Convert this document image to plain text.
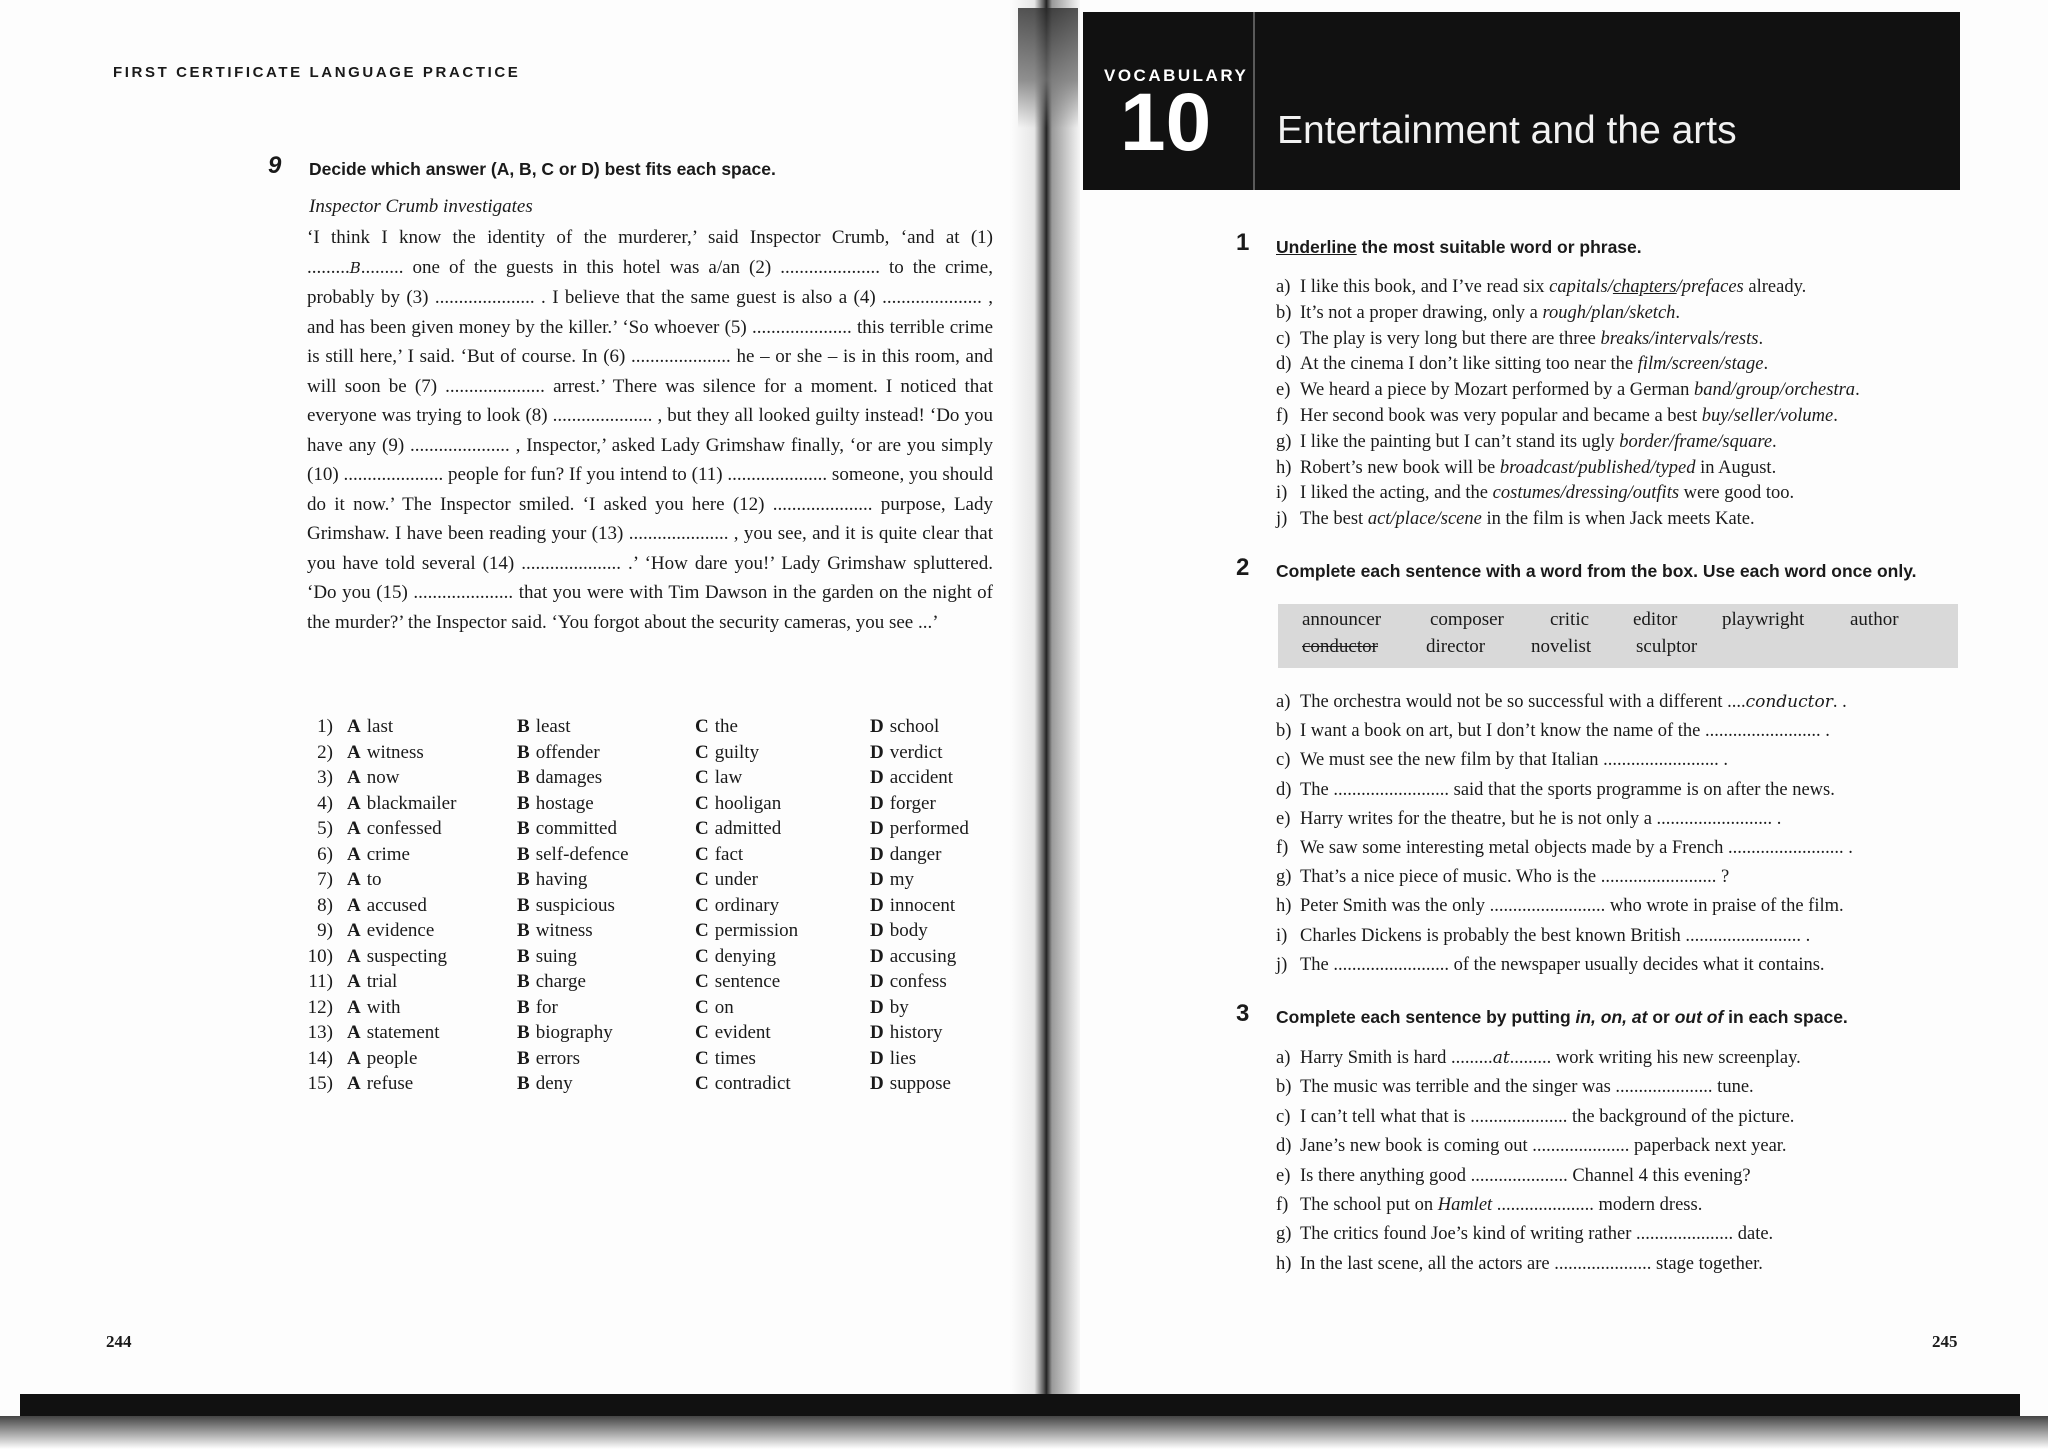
FIRST CERTIFICATE LANGUAGE PRACTICE

9 Decide which answer (A, B, C or D) best fits each space.

Inspector Crumb investigates

‘I think I know the identity of the murderer,’ said Inspector Crumb, ‘and at (1) .........B......... one of the guests in this hotel was a/an (2) ..................... to the crime, probably by (3) ..................... . I believe that the same guest is also a (4) ..................... , and has been given money by the killer.’ ‘So whoever (5) ..................... this terrible crime is still here,’ I said. ‘But of course. In (6) ..................... he – or she – is in this room, and will soon be (7) ..................... arrest.’ There was silence for a moment. I noticed that everyone was trying to look (8) ..................... , but they all looked guilty instead! ‘Do you have any (9) ..................... , Inspector,’ asked Lady Grimshaw finally, ‘or are you simply (10) ..................... people for fun? If you intend to (11) ..................... someone, you should do it now.’ The Inspector smiled. ‘I asked you here (12) ..................... purpose, Lady Grimshaw. I have been reading your (13) ..................... , you see, and it is quite clear that you have told several (14) ..................... .’ ‘How dare you!’ Lady Grimshaw spluttered. ‘Do you (15) ..................... that you were with Tim Dawson in the garden on the night of the murder?’ the Inspector said. ‘You forgot about the security cameras, you see ...’

1)	A last	B least	C the	D school
2)	A witness	B offender	C guilty	D verdict
3)	A now	B damages	C law	D accident
4)	A blackmailer	B hostage	C hooligan	D forger
5)	A confessed	B committed	C admitted	D performed
6)	A crime	B self-defence	C fact	D danger
7)	A to	B having	C under	D my
8)	A accused	B suspicious	C ordinary	D innocent
9)	A evidence	B witness	C permission	D body
10)	A suspecting	B suing	C denying	D accusing
11)	A trial	B charge	C sentence	D confess
12)	A with	B for	C on	D by
13)	A statement	B biography	C evident	D history
14)	A people	B errors	C times	D lies
15)	A refuse	B deny	C contradict	D suppose
244

VOCABULARY

10 Entertainment and the arts

1 Underline the most suitable word or phrase.

a) I like this book, and I’ve read six capitals/chapters/prefaces already.
b) It’s not a proper drawing, only a rough/plan/sketch.
c) The play is very long but there are three breaks/intervals/rests.
d) At the cinema I don’t like sitting too near the film/screen/stage.
e) We heard a piece by Mozart performed by a German band/group/orchestra.
f) Her second book was very popular and became a best buy/seller/volume.
g) I like the painting but I can’t stand its ugly border/frame/square.
h) Robert’s new book will be broadcast/published/typed in August.
i) I liked the acting, and the costumes/dressing/outfits were good too.
j) The best act/place/scene in the film is when Jack meets Kate.
2 Complete each sentence with a word from the box. Use each word once only.

announcer	composer critic editor playwright author
conductor	director novelist sculptor
a) The orchestra would not be so successful with a different ....conductor. .
b) I want a book on art, but I don’t know the name of the ......................... .
c) We must see the new film by that Italian ......................... .
d) The ......................... said that the sports programme is on after the news.
e) Harry writes for the theatre, but he is not only a ......................... .
f) We saw some interesting metal objects made by a French ......................... .
g) That’s a nice piece of music. Who is the ......................... ?
h) Peter Smith was the only ......................... who wrote in praise of the film.
i) Charles Dickens is probably the best known British ......................... .
j) The ......................... of the newspaper usually decides what it contains.
3 Complete each sentence by putting in, on, at or out of in each space.

a) Harry Smith is hard .........at......... work writing his new screenplay.
b) The music was terrible and the singer was ..................... tune.
c) I can’t tell what that is ..................... the background of the picture.
d) Jane’s new book is coming out ..................... paperback next year.
e) Is there anything good ..................... Channel 4 this evening?
f) The school put on Hamlet ..................... modern dress.
g) The critics found Joe’s kind of writing rather ..................... date.
h) In the last scene, all the actors are ..................... stage together.
245
